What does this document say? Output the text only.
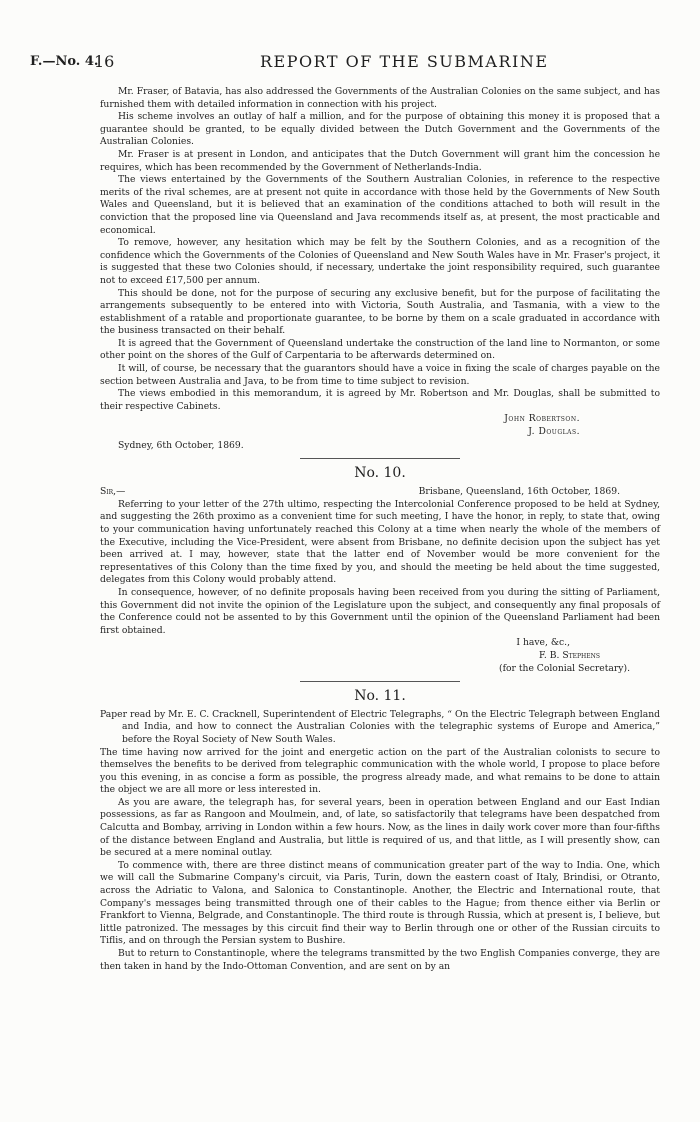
F.—No. 4.
16	REPORT OF THE SUBMARINE

Mr. Fraser, of Batavia, has also addressed the Governments of the Australian Colonies on the same subject, and has furnished them with detailed information in connection with his project.

His scheme involves an outlay of half a million, and for the purpose of obtaining this money it is proposed that a guarantee should be granted, to be equally divided between the Dutch Government and the Governments of the Australian Colonies.

Mr. Fraser is at present in London, and anticipates that the Dutch Government will grant him the concession he requires, which has been recommended by the Government of Netherlands-India.

The views entertained by the Governments of the Southern Australian Colonies, in reference to the respective merits of the rival schemes, are at present not quite in accordance with those held by the Governments of New South Wales and Queensland, but it is believed that an examination of the conditions attached to both will result in the conviction that the proposed line via Queensland and Java recommends itself as, at present, the most practicable and economical.

To remove, however, any hesitation which may be felt by the Southern Colonies, and as a recognition of the confidence which the Governments of the Colonies of Queensland and New South Wales have in Mr. Fraser's project, it is suggested that these two Colonies should, if necessary, undertake the joint responsibility required, such guarantee not to exceed £17,500 per annum.

This should be done, not for the purpose of securing any exclusive benefit, but for the purpose of facilitating the arrangements subsequently to be entered into with Victoria, South Australia, and Tasmania, with a view to the establishment of a ratable and proportionate guarantee, to be borne by them on a scale graduated in accordance with the business transacted on their behalf.

It is agreed that the Government of Queensland undertake the construction of the land line to Normanton, or some other point on the shores of the Gulf of Carpentaria to be afterwards determined on.

It will, of course, be necessary that the guarantors should have a voice in fixing the scale of charges payable on the section between Australia and Java, to be from time to time subject to revision.

The views embodied in this memorandum, it is agreed by Mr. Robertson and Mr. Douglas, shall be submitted to their respective Cabinets.

John Robertson.

J. Douglas.

Sydney, 6th October, 1869.

No. 10.
Sir,—	Brisbane, Queensland, 16th October, 1869.

Referring to your letter of the 27th ultimo, respecting the Intercolonial Conference proposed to be held at Sydney, and suggesting the 26th proximo as a convenient time for such meeting, I have the honor, in reply, to state that, owing to your communication having unfortunately reached this Colony at a time when nearly the whole of the members of the Executive, including the Vice-President, were absent from Brisbane, no definite decision upon the subject has yet been arrived at. I may, however, state that the latter end of November would be more convenient for the representatives of this Colony than the time fixed by you, and should the meeting be held about the time suggested, delegates from this Colony would probably attend.

In consequence, however, of no definite proposals having been received from you during the sitting of Parliament, this Government did not invite the opinion of the Legislature upon the subject, and consequently any final proposals of the Conference could not be assented to by this Government until the opinion of the Queensland Parliament had been first obtained.

I have, &c.,

F. B. Stephens

(for the Colonial Secretary).

No. 11.

Paper read by Mr. E. C. Cracknell, Superintendent of Electric Telegraphs, “ On the Electric Telegraph between England and India, and how to connect the Australian Colonies with the telegraphic systems of Europe and America,” before the Royal Society of New South Wales.

The time having now arrived for the joint and energetic action on the part of the Australian colonists to secure to themselves the benefits to be derived from telegraphic communication with the whole world, I propose to place before you this evening, in as concise a form as possible, the progress already made, and what remains to be done to attain the object we are all more or less interested in.

As you are aware, the telegraph has, for several years, been in operation between England and our East Indian possessions, as far as Rangoon and Moulmein, and, of late, so satisfactorily that telegrams have been despatched from Calcutta and Bombay, arriving in London within a few hours. Now, as the lines in daily work cover more than four-fifths of the distance between England and Australia, but little is required of us, and that little, as I will presently show, can be secured at a mere nominal outlay.

To commence with, there are three distinct means of communication greater part of the way to India. One, which we will call the Submarine Company's circuit, via Paris, Turin, down the eastern coast of Italy, Brindisi, or Otranto, across the Adriatic to Valona, and Salonica to Constantinople. Another, the Electric and International route, that Company's messages being transmitted through one of their cables to the Hague; from thence either via Berlin or Frankfort to Vienna, Belgrade, and Constantinople. The third route is through Russia, which at present is, I believe, but little patronized. The messages by this circuit find their way to Berlin through one or other of the Russian circuits to Tiflis, and on through the Persian system to Bushire.

But to return to Constantinople, where the telegrams transmitted by the two English Companies converge, they are then taken in hand by the Indo-Ottoman Convention, and are sent on by an
